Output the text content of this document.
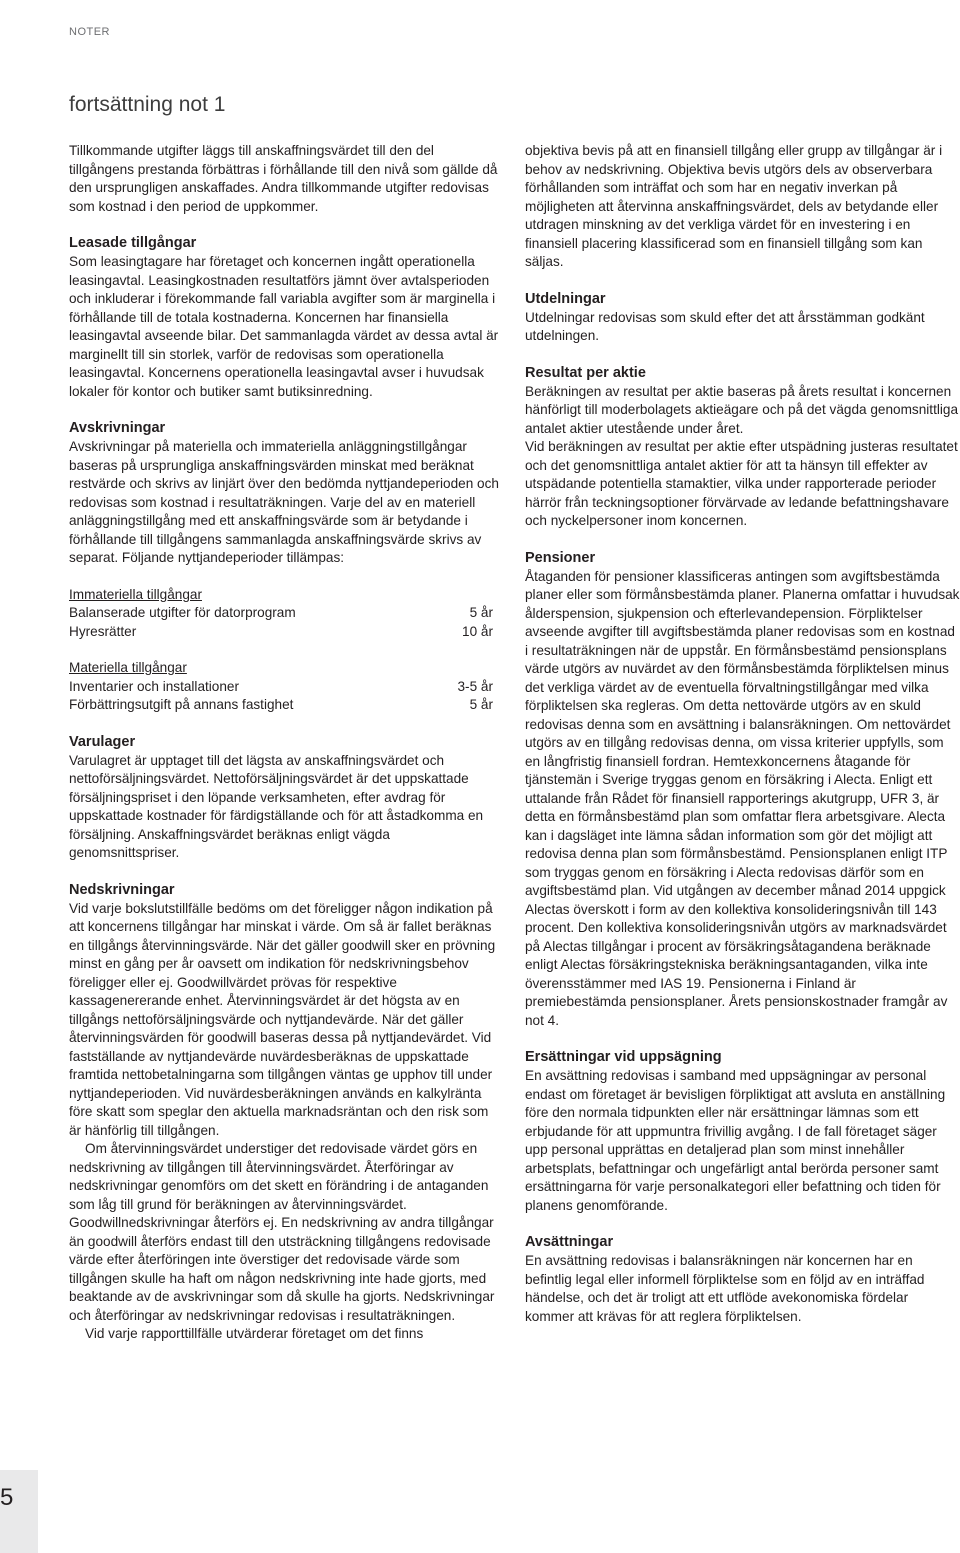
NOTER
fortsättning not 1

Tillkommande utgifter läggs till anskaffningsvärdet till den del tillgångens prestanda förbättras i förhållande till den nivå som gällde då den ursprungligen anskaffades. Andra tillkommande utgifter redovisas som kostnad i den period de uppkommer.

Leasade tillgångar

Som leasingtagare har företaget och koncernen ingått operationella leasingavtal. Leasingkostnaden resultatförs jämnt över avtalsperioden och inkluderar i förekommande fall variabla avgifter som är marginella i förhållande till de totala kostnaderna. Koncernen har finansiella leasingavtal avseende bilar. Det sammanlagda värdet av dessa avtal är marginellt till sin storlek, varför de redovisas som operationella leasingavtal. Koncernens operationella leasingavtal avser i huvudsak lokaler för kontor och butiker samt butiksinredning.

Avskrivningar

Avskrivningar på materiella och immateriella anläggningstillgångar baseras på ursprungliga anskaffningsvärden minskat med beräknat restvärde och skrivs av linjärt över den bedömda nyttjandeperioden och redovisas som kostnad i resultaträkningen. Varje del av en materiell anläggningstillgång med ett anskaffningsvärde som är betydande i förhållande till tillgångens sammanlagda anskaffningsvärde skrivs av separat. Följande nyttjandeperioder tillämpas:

Immateriella tillgångar

Balanserade utgifter för datorprogram	5 år
Hyresrätter	10 år

Materiella tillgångar

Inventarier och installationer	3-5 år
Förbättringsutgift på annans fastighet	5 år
Varulager

Varulagret är upptaget till det lägsta av anskaffningsvärdet och nettoförsäljningsvärdet. Nettoförsäljningsvärdet är det uppskattade försäljningspriset i den löpande verksamheten, efter avdrag för uppskattade kostnader för färdigställande och för att åstadkomma en försäljning. Anskaffningsvärdet beräknas enligt vägda genomsnittspriser.

Nedskrivningar

Vid varje bokslutstillfälle bedöms om det föreligger någon indikation på att koncernens tillgångar har minskat i värde. Om så är fallet beräknas en tillgångs återvinningsvärde. När det gäller goodwill sker en prövning minst en gång per år oavsett om indikation för nedskrivningsbehov föreligger eller ej. Goodwillvärdet prövas för respektive kassagenererande enhet. Återvinningsvärdet är det högsta av en tillgångs nettoförsäljningsvärde och nyttjandevärde. När det gäller återvinningsvärden för goodwill baseras dessa på nyttjandevärdet. Vid fastställande av nyttjandevärde nuvärdesberäknas de uppskattade framtida nettobetalningarna som tillgången väntas ge upphov till under nyttjandeperioden. Vid nuvärdesberäkningen används en kalkylränta före skatt som speglar den aktuella marknadsräntan och den risk som är hänförlig till tillgången.

Om återvinningsvärdet understiger det redovisade värdet görs en nedskrivning av tillgången till återvinningsvärdet. Återföringar av nedskrivningar genomförs om det skett en förändring i de antaganden som låg till grund för beräkningen av återvinningsvärdet. Goodwillnedskrivningar återförs ej. En nedskrivning av andra tillgångar än goodwill återförs endast till den utsträckning tillgångens redovisade värde efter återföringen inte överstiger det redovisade värde som tillgången skulle ha haft om någon nedskrivning inte hade gjorts, med beaktande av de avskrivningar som då skulle ha gjorts. Nedskrivningar och återföringar av nedskrivningar redovisas i resultaträkningen.

Vid varje rapporttillfälle utvärderar företaget om det finns

objektiva bevis på att en finansiell tillgång eller grupp av tillgångar är i behov av nedskrivning. Objektiva bevis utgörs dels av observerbara förhållanden som inträffat och som har en negativ inverkan på möjligheten att återvinna anskaffningsvärdet, dels av betydande eller utdragen minskning av det verkliga värdet för en investering i en finansiell placering klassificerad som en finansiell tillgång som kan säljas.

Utdelningar

Utdelningar redovisas som skuld efter det att årsstämman godkänt utdelningen.

Resultat per aktie

Beräkningen av resultat per aktie baseras på årets resultat i koncernen hänförligt till moderbolagets aktieägare och på det vägda genomsnittliga antalet aktier utestående under året.

Vid beräkningen av resultat per aktie efter utspädning justeras resultatet och det genomsnittliga antalet aktier för att ta hänsyn till effekter av utspädande potentiella stamaktier, vilka under rapporterade perioder härrör från teckningsoptioner förvärvade av ledande befattningshavare och nyckelpersoner inom koncernen.

Pensioner

Åtaganden för pensioner klassificeras antingen som avgiftsbestämda planer eller som förmånsbestämda planer. Planerna omfattar i huvudsak ålderspension, sjukpension och efterlevandepension. Förpliktelser avseende avgifter till avgiftsbestämda planer redovisas som en kostnad i resultaträkningen när de uppstår. En förmånsbestämd pensionsplans värde utgörs av nuvärdet av den förmånsbestämda förpliktelsen minus det verkliga värdet av de eventuella förvaltningstillgångar med vilka förpliktelsen ska regleras. Om detta nettovärde utgörs av en skuld redovisas denna som en avsättning i balansräkningen. Om nettovärdet utgörs av en tillgång redovisas denna, om vissa kriterier uppfylls, som en långfristig finansiell fordran. Hemtexkoncernens åtagande för tjänstemän i Sverige tryggas genom en försäkring i Alecta. Enligt ett uttalande från Rådet för finansiell rapporterings akutgrupp, UFR 3, är detta en förmånsbestämd plan som omfattar flera arbetsgivare. Alecta kan i dagsläget inte lämna sådan information som gör det möjligt att redovisa denna plan som förmånsbestämd. Pensionsplanen enligt ITP som tryggas genom en försäkring i Alecta redovisas därför som en avgiftsbestämd plan. Vid utgången av december månad 2014 uppgick Alectas överskott i form av den kollektiva konsolideringsnivån till 143 procent. Den kollektiva konsolideringsnivån utgörs av marknadsvärdet på Alectas tillgångar i procent av försäkringsåtagandena beräknade enligt Alectas försäkringstekniska beräkningsantaganden, vilka inte överensstämmer med IAS 19. Pensionerna i Finland är premiebestämda pensionsplaner. Årets pensionskostnader framgår av not 4.

Ersättningar vid uppsägning

En avsättning redovisas i samband med uppsägningar av personal endast om företaget är bevisligen förpliktigat att avsluta en anställning före den normala tidpunkten eller när ersättningar lämnas som ett erbjudande för att uppmuntra frivillig avgång. I de fall företaget säger upp personal upprättas en detaljerad plan som minst innehåller arbetsplats, befattningar och ungefärligt antal berörda personer samt ersättningarna för varje personalkategori eller befattning och tiden för planens genomförande.

Avsättningar

En avsättning redovisas i balansräkningen när koncernen har en befintlig legal eller informell förpliktelse som en följd av en inträffad händelse, och det är troligt att ett utflöde avekonomiska fördelar kommer att krävas för att reglera förpliktelsen.

5
